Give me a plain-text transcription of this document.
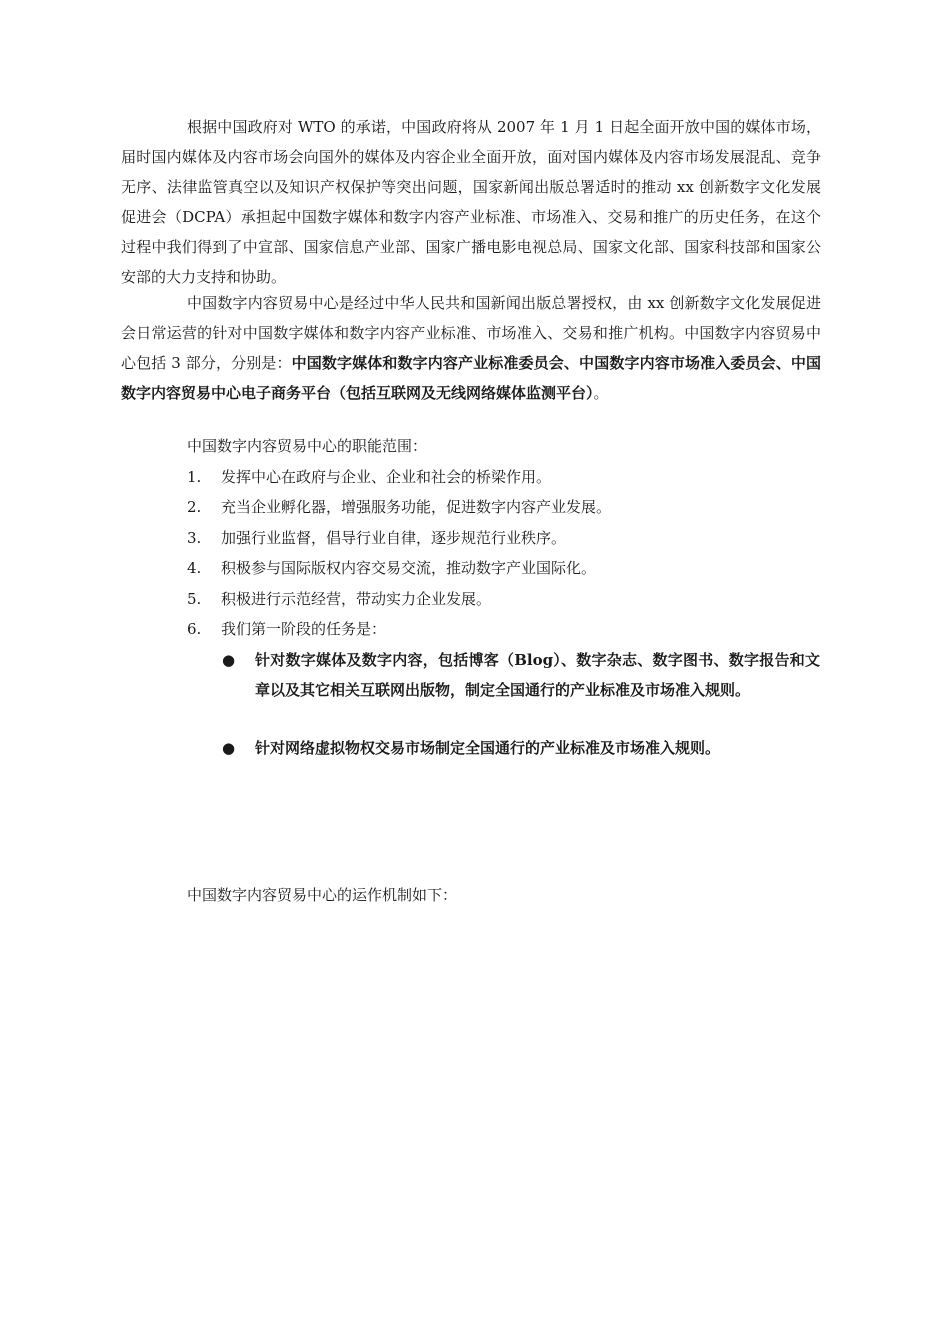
根据中国政府对 WTO 的承诺，中国政府将从 2007 年 1 月 1 日起全面开放中国的媒体市场，届时国内媒体及内容市场会向国外的媒体及内容企业全面开放，面对国内媒体及内容市场发展混乱、竞争无序、法律监管真空以及知识产权保护等突出问题，国家新闻出版总署适时的推动 xx 创新数字文化发展促进会（DCPA）承担起中国数字媒体和数字内容产业标准、市场准入、交易和推广的历史任务，在这个过程中我们得到了中宣部、国家信息产业部、国家广播电影电视总局、国家文化部、国家科技部和国家公安部的大力支持和协助。

中国数字内容贸易中心是经过中华人民共和国新闻出版总署授权，由 xx 创新数字文化发展促进会日常运营的针对中国数字媒体和数字内容产业标准、市场准入、交易和推广机构。中国数字内容贸易中心包括 3 部分，分别是：中国数字媒体和数字内容产业标准委员会、中国数字内容市场准入委员会、中国数字内容贸易中心电子商务平台（包括互联网及无线网络媒体监测平台）。

中国数字内容贸易中心的职能范围：
1. 发挥中心在政府与企业、企业和社会的桥梁作用。
2. 充当企业孵化器，增强服务功能，促进数字内容产业发展。
3. 加强行业监督，倡导行业自律，逐步规范行业秩序。
4. 积极参与国际版权内容交易交流，推动数字产业国际化。
5. 积极进行示范经营，带动实力企业发展。
6. 我们第一阶段的任务是：
● 针对数字媒体及数字内容，包括博客（Blog）、数字杂志、数字图书、数字报告和文章以及其它相关互联网出版物，制定全国通行的产业标准及市场准入规则。
● 针对网络虚拟物权交易市场制定全国通行的产业标准及市场准入规则。
中国数字内容贸易中心的运作机制如下：
